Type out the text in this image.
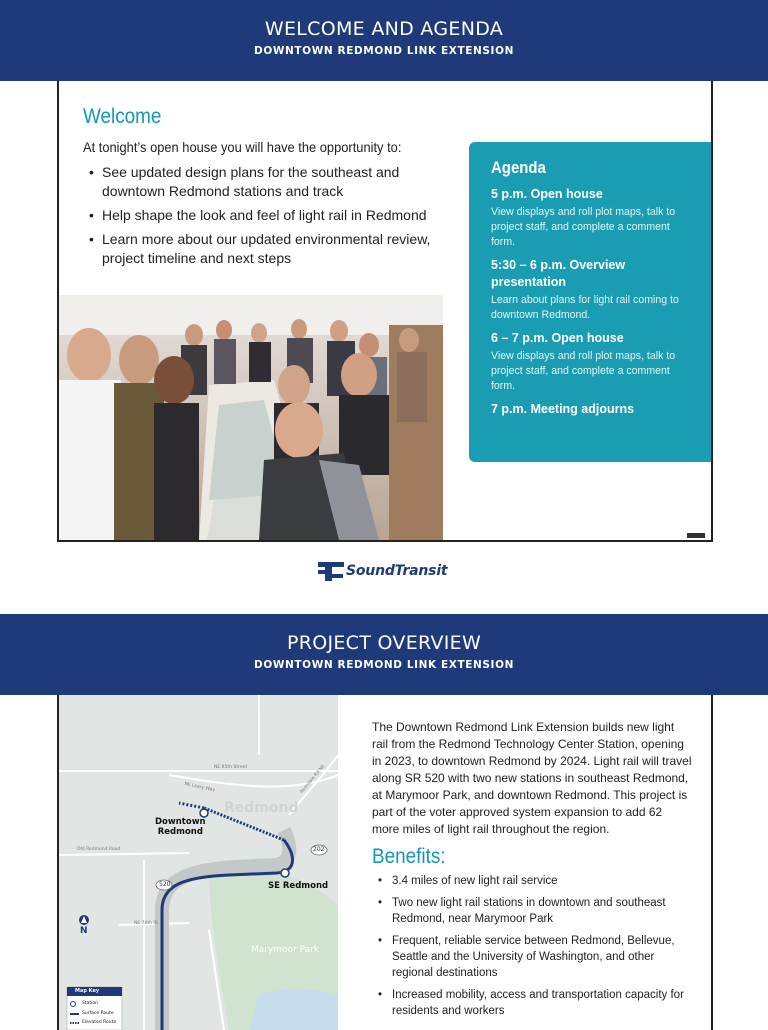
WELCOME AND AGENDA
DOWNTOWN REDMOND LINK EXTENSION
Welcome
At tonight’s open house you will have the opportunity to:
• See updated design plans for the southeast and downtown Redmond stations and track
• Help shape the look and feel of light rail in Redmond
• Learn more about our updated environmental review, project timeline and next steps
Agenda
5 p.m. Open house
View displays and roll plot maps, talk to project staff, and complete a comment form.
5:30 – 6 p.m. Overview presentation
Learn about plans for light rail coming to downtown Redmond.
6 – 7 p.m. Open house
View displays and roll plot maps, talk to project staff, and complete a comment form.
7 p.m. Meeting adjourns
SoundTransit
PROJECT OVERVIEW
DOWNTOWN REDMOND LINK EXTENSION
Redmond
Downtown
Redmond
SE Redmond
Marymoor Park
520
202
N
NE 85th Street
NE Leary Way
Old Redmond Road
Avondale Rd NE
NE 76th St
Map Key
Station
Surface Route
Elevated Route
The Downtown Redmond Link Extension builds new light rail from the Redmond Technology Center Station, opening in 2023, to downtown Redmond by 2024. Light rail will travel along SR 520 with two new stations in southeast Redmond, at Marymoor Park, and downtown Redmond. This project is part of the voter approved system expansion to add 62 more miles of light rail throughout the region.
Benefits:
• 3.4 miles of new light rail service
• Two new light rail stations in downtown and southeast Redmond, near Marymoor Park
• Frequent, reliable service between Redmond, Bellevue, Seattle and the University of Washington, and other regional destinations
• Increased mobility, access and transportation capacity for residents and workers
